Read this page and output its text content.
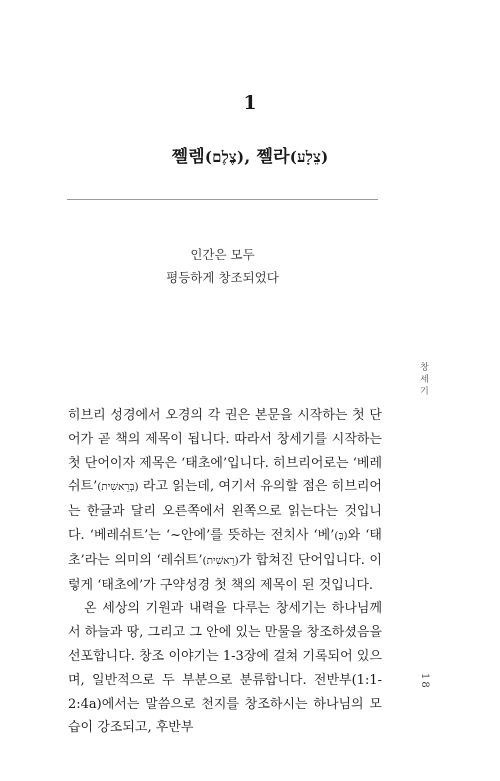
1
쩰렘(צֶלֶם), 쩰라(צֵלָע)
인간은 모두
평등하게 창조되었다

히브리 성경에서 오경의 각 권은 본문을 시작하는 첫 단어가 곧 책의 제목이 됩니다. 따라서 창세기를 시작하는 첫 단어이자 제목은 ‘태초에’입니다. 히브리어로는 ‘베레쉬트’(בְּרֵאשִׁית) 라고 읽는데, 여기서 유의할 점은 히브리어는 한글과 달리 오른쪽에서 왼쪽으로 읽는다는 것입니다. ‘베레쉬트’는 ‘~안에’를 뜻하는 전치사 ‘베’(בְּ)와 ‘태초’라는 의미의 ‘레쉬트’(רֵאשִׁית)가 합쳐진 단어입니다. 이렇게 ‘태초에’가 구약성경 첫 책의 제목이 된 것입니다.

온 세상의 기원과 내력을 다루는 창세기는 하나님께서 하늘과 땅, 그리고 그 안에 있는 만물을 창조하셨음을 선포합니다. 창조 이야기는 1-3장에 걸쳐 기록되어 있으며, 일반적으로 두 부분으로 분류합니다. 전반부(1:1-2:4a)에서는 말씀으로 천지를 창조하시는 하나님의 모습이 강조되고, 후반부

창세기
18
